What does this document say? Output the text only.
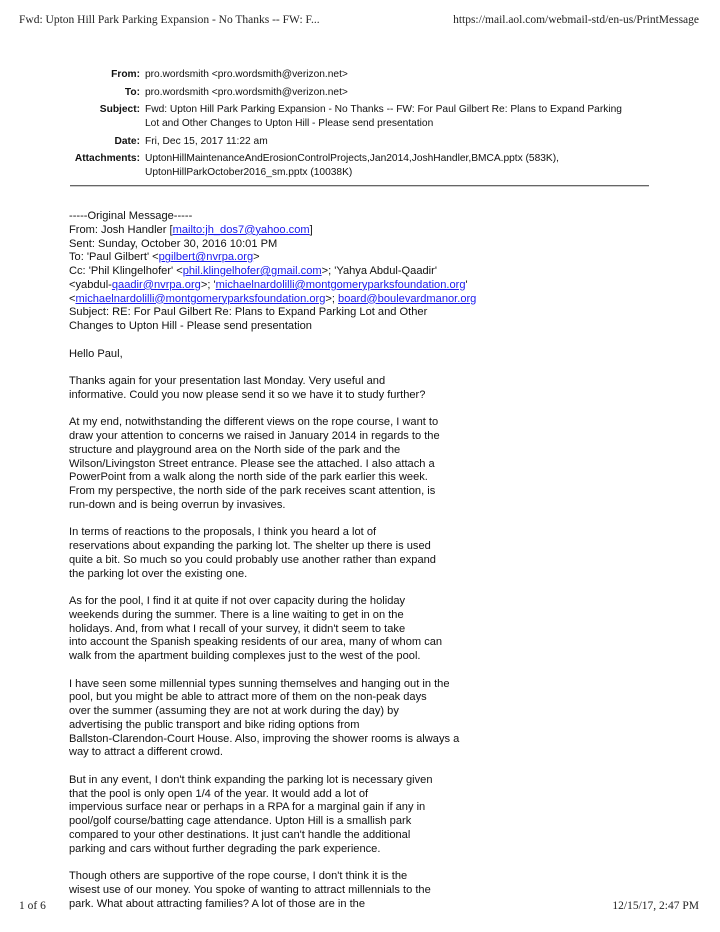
Fwd: Upton Hill Park Parking Expansion - No Thanks -- FW: F...	https://mail.aol.com/webmail-std/en-us/PrintMessage
From: pro.wordsmith <pro.wordsmith@verizon.net>
To: pro.wordsmith <pro.wordsmith@verizon.net>
Subject: Fwd: Upton Hill Park Parking Expansion - No Thanks -- FW: For Paul Gilbert Re: Plans to Expand Parking
Lot and Other Changes to Upton Hill - Please send presentation
Date: Fri, Dec 15, 2017 11:22 am
Attachments: UptonHillMaintenanceAndErosionControlProjects,Jan2014,JoshHandler,BMCA.pptx (583K),
UptonHillParkOctober2016_sm.pptx (10038K)
-----Original Message-----
From: Josh Handler [mailto:jh_dos7@yahoo.com]
Sent: Sunday, October 30, 2016 10:01 PM
To: 'Paul Gilbert' <pgilbert@nvrpa.org>
Cc: 'Phil Klingelhofer' <phil.klingelhofer@gmail.com>; 'Yahya Abdul-Qaadir'
<yabdul-qaadir@nvrpa.org>; 'michaelnardolilli@montgomeryparksfoundation.org'
<michaelnardolilli@montgomeryparksfoundation.org>; board@boulevardmanor.org
Subject: RE: For Paul Gilbert Re: Plans to Expand Parking Lot and Other
Changes to Upton Hill - Please send presentation
Hello Paul,
Thanks again for your presentation last Monday. Very useful and
informative. Could you now please send it so we have it to study further?
At my end, notwithstanding the different views on the rope course, I want to
draw your attention to concerns we raised in January 2014 in regards to the
structure and playground area on the North side of the park and the
Wilson/Livingston Street entrance. Please see the attached. I also attach a
PowerPoint from a walk along the north side of the park earlier this week.
From my perspective, the north side of the park receives scant attention, is
run-down and is being overrun by invasives.
In terms of reactions to the proposals, I think you heard a lot of
reservations about expanding the parking lot. The shelter up there is used
quite a bit. So much so you could probably use another rather than expand
the parking lot over the existing one.
As for the pool, I find it at quite if not over capacity during the holiday
weekends during the summer. There is a line waiting to get in on the
holidays. And, from what I recall of your survey, it didn't seem to take
into account the Spanish speaking residents of our area, many of whom can
walk from the apartment building complexes just to the west of the pool.
I have seen some millennial types sunning themselves and hanging out in the
pool, but you might be able to attract more of them on the non-peak days
over the summer (assuming they are not at work during the day) by
advertising the public transport and bike riding options from
Ballston-Clarendon-Court House. Also, improving the shower rooms is always a
way to attract a different crowd.
But in any event, I don't think expanding the parking lot is necessary given
that the pool is only open 1/4 of the year. It would add a lot of
impervious surface near or perhaps in a RPA for a marginal gain if any in
pool/golf course/batting cage attendance. Upton Hill is a smallish park
compared to your other destinations. It just can't handle the additional
parking and cars without further degrading the park experience.
Though others are supportive of the rope course, I don't think it is the
wisest use of our money. You spoke of wanting to attract millennials to the
park. What about attracting families? A lot of those are in the
1 of 6	12/15/17, 2:47 PM
